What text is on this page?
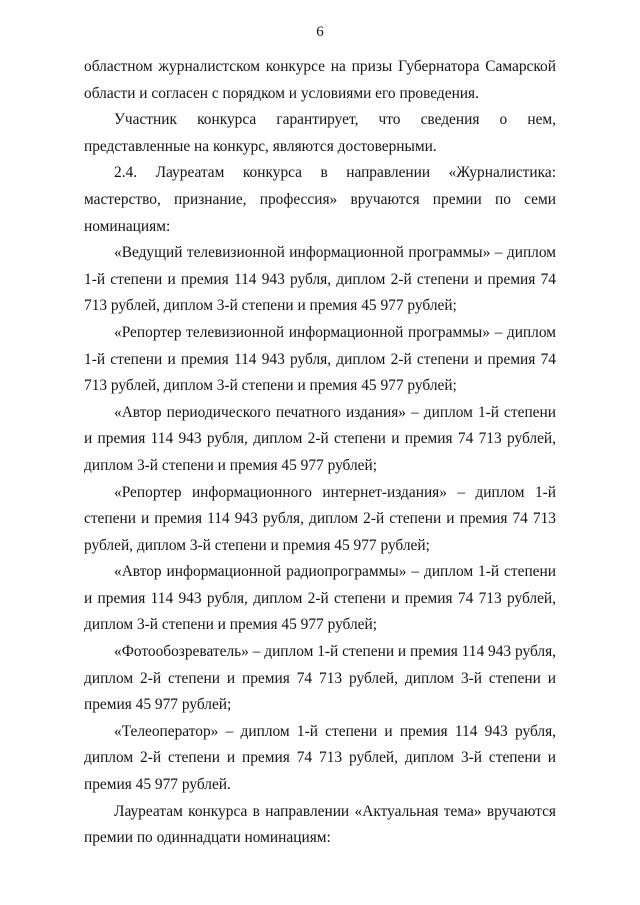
6

областном журналистском конкурсе на призы Губернатора Самарской области и согласен с порядком и условиями его проведения.

Участник конкурса гарантирует, что сведения о нем, представленные на конкурс, являются достоверными.

2.4. Лауреатам конкурса в направлении «Журналистика: мастерство, признание, профессия» вручаются премии по семи номинациям:

«Ведущий телевизионной информационной программы» – диплом 1-й степени и премия 114 943 рубля, диплом 2-й степени и премия 74 713 рублей, диплом 3-й степени и премия 45 977 рублей;

«Репортер телевизионной информационной программы» – диплом 1-й степени и премия 114 943 рубля, диплом 2-й степени и премия 74 713 рублей, диплом 3-й степени и премия 45 977 рублей;

«Автор периодического печатного издания» – диплом 1-й степени и премия 114 943 рубля, диплом 2-й степени и премия 74 713 рублей, диплом 3-й степени и премия 45 977 рублей;

«Репортер информационного интернет-издания» – диплом 1-й степени и премия 114 943 рубля, диплом 2-й степени и премия 74 713 рублей, диплом 3-й степени и премия 45 977 рублей;

«Автор информационной радиопрограммы» – диплом 1-й степени и премия 114 943 рубля, диплом 2-й степени и премия 74 713 рублей, диплом 3-й степени и премия 45 977 рублей;

«Фотообозреватель» – диплом 1-й степени и премия 114 943 рубля, диплом 2-й степени и премия 74 713 рублей, диплом 3-й степени и премия 45 977 рублей;

«Телеоператор» – диплом 1-й степени и премия 114 943 рубля, диплом 2-й степени и премия 74 713 рублей, диплом 3-й степени и премия 45 977 рублей.

Лауреатам конкурса в направлении «Актуальная тема» вручаются премии по одиннадцати номинациям:
